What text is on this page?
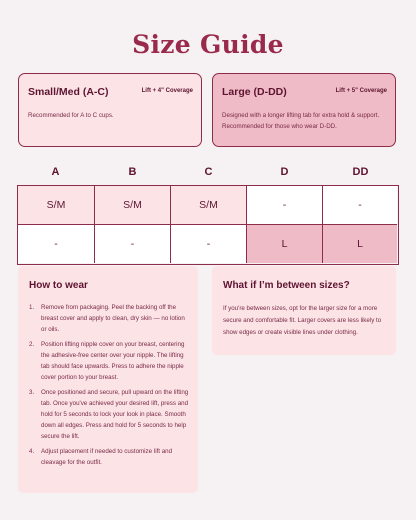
Size Guide
Small/Med (A-C)	Lift + 4" Coverage
Recommended for A to C cups.
Large (D-DD)	Lift + 5" Coverage
Designed with a longer lifting tab for extra hold & support. Recommended for those who wear D-DD.
A	B	C	D	DD
S/M	S/M	S/M	-	-
-	-	-	L	L
How to wear
1. Remove from packaging. Peel the backing off the breast cover and apply to clean, dry skin — no lotion or oils.
2. Position lifting nipple cover on your breast, centering the adhesive-free center over your nipple. The lifting tab should face upwards. Press to adhere the nipple cover portion to your breast.
3. Once positioned and secure, pull upward on the lifting tab. Once you've achieved your desired lift, press and hold for 5 seconds to lock your look in place. Smooth down all edges. Press and hold for 5 seconds to help secure the lift.
4. Adjust placement if needed to customize lift and cleavage for the outfit.
What if I’m between sizes?
If you're between sizes, opt for the larger size for a more secure and comfortable fit. Larger covers are less likely to show edges or create visible lines under clothing.
